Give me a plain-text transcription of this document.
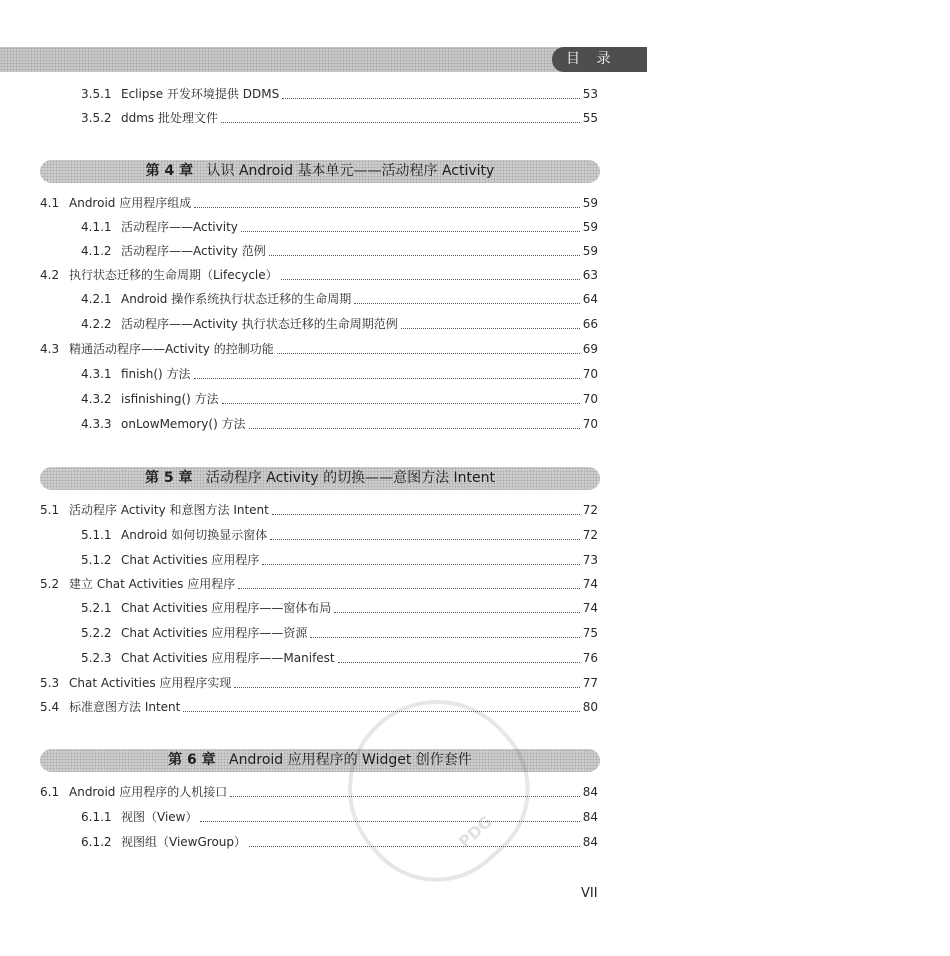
目 录
3.5.1 Eclipse 开发环境提供 DDMS	53
3.5.2 ddms 批处理文件	55
第 4 章 认识 Android 基本单元——活动程序 Activity
4.1 Android 应用程序组成	59
4.1.1 活动程序——Activity	59
4.1.2 活动程序——Activity 范例	59
4.2 执行状态迁移的生命周期（Lifecycle）	63
4.2.1 Android 操作系统执行状态迁移的生命周期	64
4.2.2 活动程序——Activity 执行状态迁移的生命周期范例	66
4.3 精通活动程序——Activity 的控制功能	69
4.3.1 finish() 方法	70
4.3.2 isfinishing() 方法	70
4.3.3 onLowMemory() 方法	70
第 5 章 活动程序 Activity 的切换——意图方法 Intent
5.1 活动程序 Activity 和意图方法 Intent	72
5.1.1 Android 如何切换显示窗体	72
5.1.2 Chat Activities 应用程序	73
5.2 建立 Chat Activities 应用程序	74
5.2.1 Chat Activities 应用程序——窗体布局	74
5.2.2 Chat Activities 应用程序——资源	75
5.2.3 Chat Activities 应用程序——Manifest	76
5.3 Chat Activities 应用程序实现	77
5.4 标准意图方法 Intent	80
第 6 章 Android 应用程序的 Widget 创作套件
6.1 Android 应用程序的人机接口	84
6.1.1 视图（View）	84
6.1.2 视图组（ViewGroup）	84
PDG
VII
